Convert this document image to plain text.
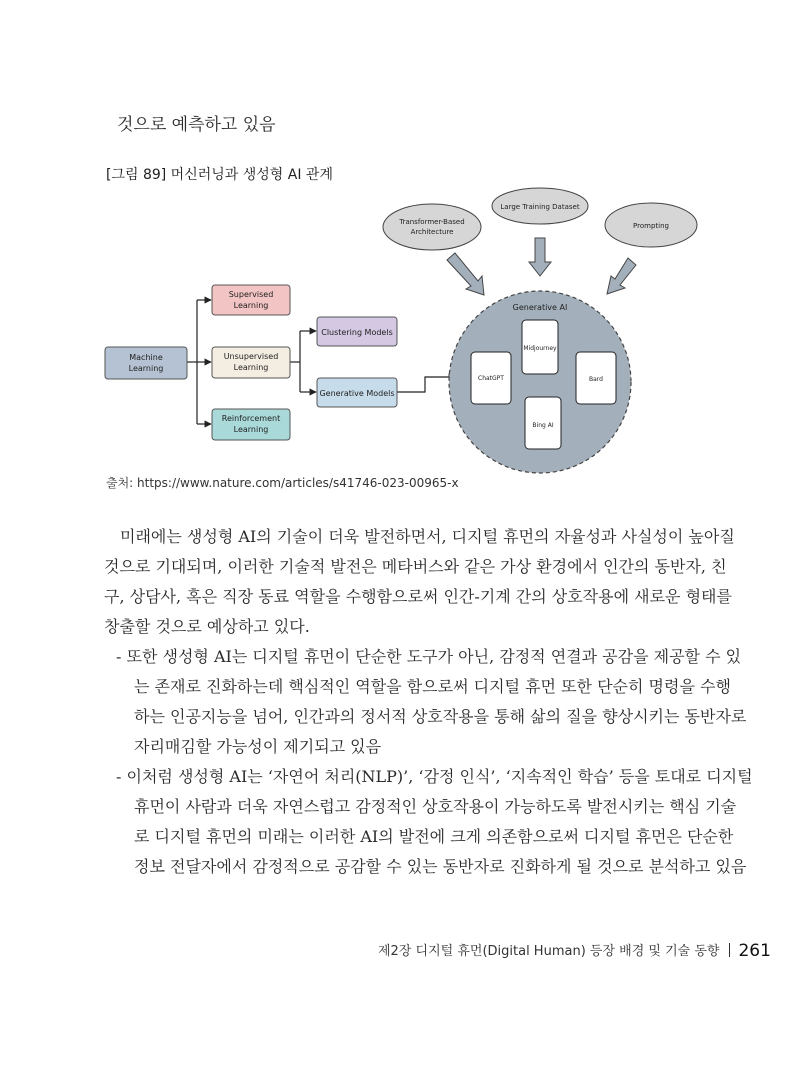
것으로 예측하고 있음
[그림 89] 머신러닝과 생성형 AI 관계
Machine
Learning
Supervised
Learning
Unsupervised
Learning
Reinforcement
Learning
Clustering Models
Generative Models
Transformer-Based
Architecture
Large Training Dataset
Prompting
Generative AI
Midjourney
ChatGPT	Bard
Bing AI
출처: https://www.nature.com/articles/s41746-023-00965-x

미래에는 생성형 AI의 기술이 더욱 발전하면서, 디지털 휴먼의 자율성과 사실성이 높아질
것으로 기대되며, 이러한 기술적 발전은 메타버스와 같은 가상 환경에서 인간의 동반자, 친
구, 상담사, 혹은 직장 동료 역할을 수행함으로써 인간-기계 간의 상호작용에 새로운 형태를
창출할 것으로 예상하고 있다.

- 또한 생성형 AI는 디지털 휴먼이 단순한 도구가 아닌, 감정적 연결과 공감을 제공할 수 있
는 존재로 진화하는데 핵심적인 역할을 함으로써 디지털 휴먼 또한 단순히 명령을 수행
하는 인공지능을 넘어, 인간과의 정서적 상호작용을 통해 삶의 질을 향상시키는 동반자로
자리매김할 가능성이 제기되고 있음

- 이처럼 생성형 AI는 ‘자연어 처리(NLP)’, ‘감정 인식’, ‘지속적인 학습’ 등을 토대로 디지털
휴먼이 사람과 더욱 자연스럽고 감정적인 상호작용이 가능하도록 발전시키는 핵심 기술
로 디지털 휴먼의 미래는 이러한 AI의 발전에 크게 의존함으로써 디지털 휴먼은 단순한
정보 전달자에서 감정적으로 공감할 수 있는 동반자로 진화하게 될 것으로 분석하고 있음

제2장 디지털 휴먼(Digital Human) 등장 배경 및 기술 동향 261
